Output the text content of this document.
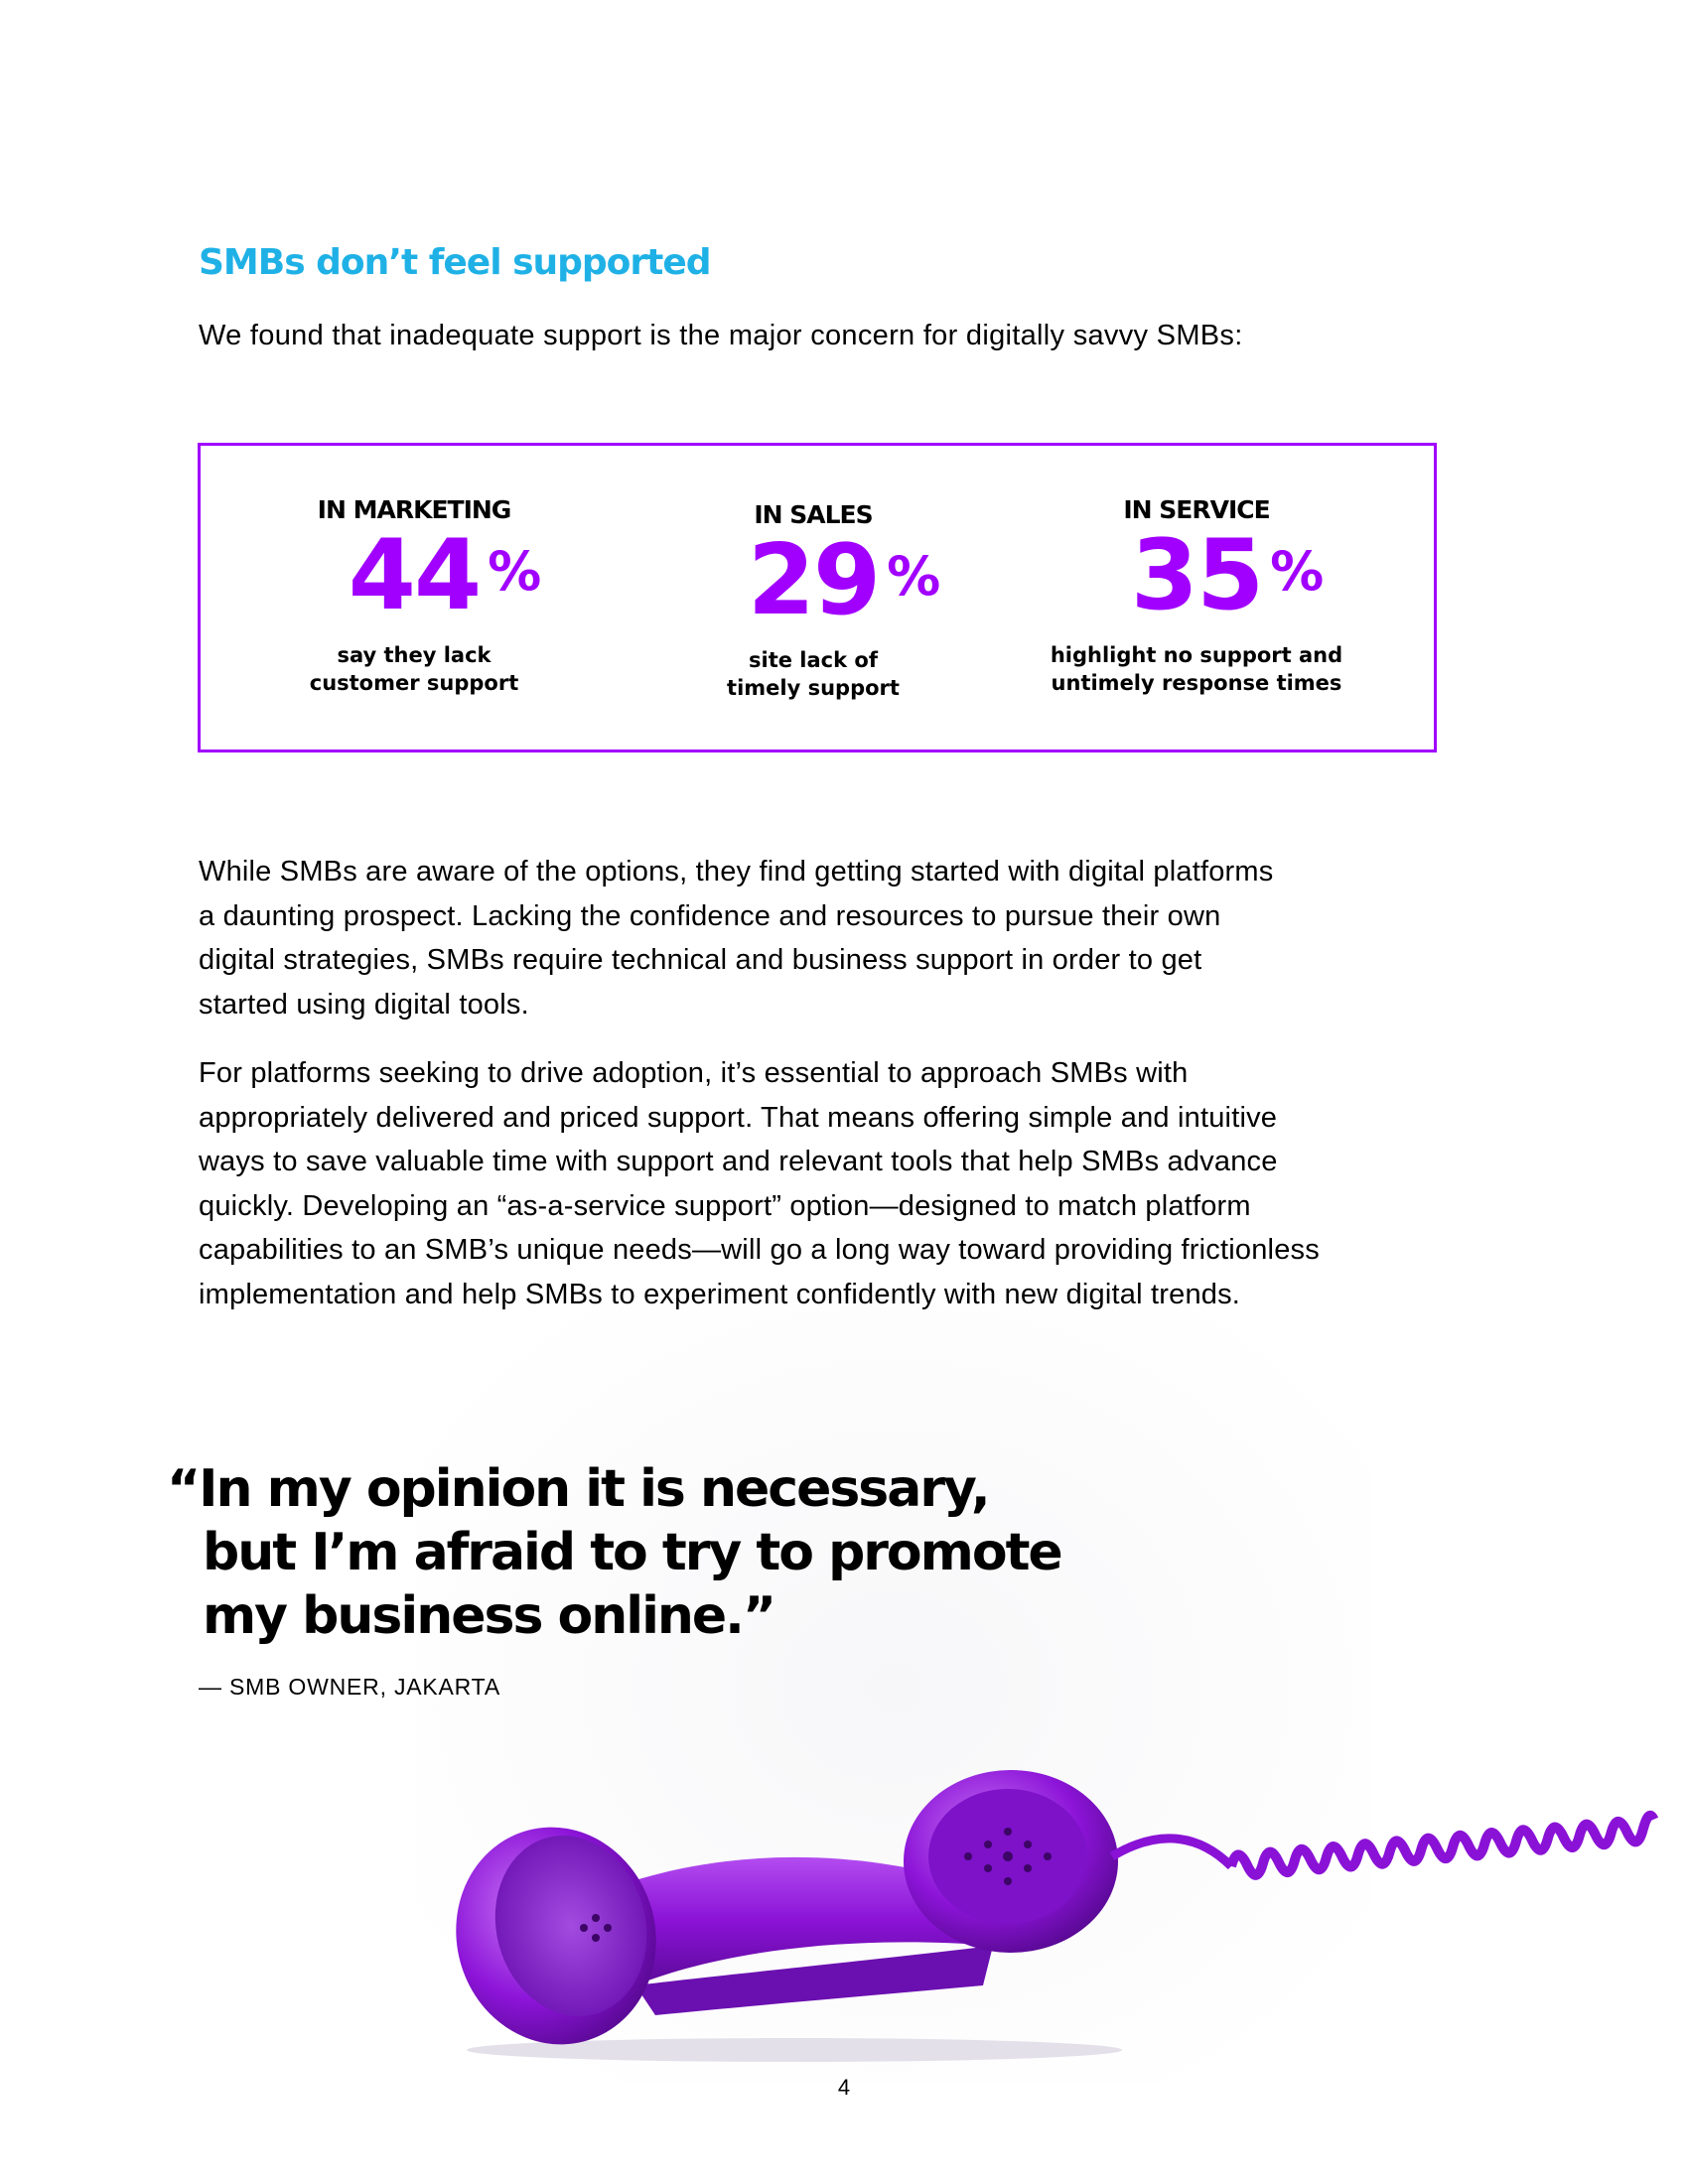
SMBs don’t feel supported

We found that inadequate support is the major concern for digitally savvy SMBs:

IN MARKETING
44 %
say they lack
customer support
IN SALES
29 %
site lack of
timely support
IN SERVICE
35 %
highlight no support and
untimely response times
While SMBs are aware of the options, they find getting started with digital platforms
a daunting prospect. Lacking the confidence and resources to pursue their own
digital strategies, SMBs require technical and business support in order to get
started using digital tools.
For platforms seeking to drive adoption, it’s essential to approach SMBs with
appropriately delivered and priced support. That means offering simple and intuitive
ways to save valuable time with support and relevant tools that help SMBs advance
quickly. Developing an “as-a-service support” option—designed to match platform
capabilities to an SMB’s unique needs—will go a long way toward providing frictionless
implementation and help SMBs to experiment confidently with new digital trends.
“In my opinion it is necessary,
but I’m afraid to try to promote
my business online.”

— SMB OWNER, JAKARTA

4
